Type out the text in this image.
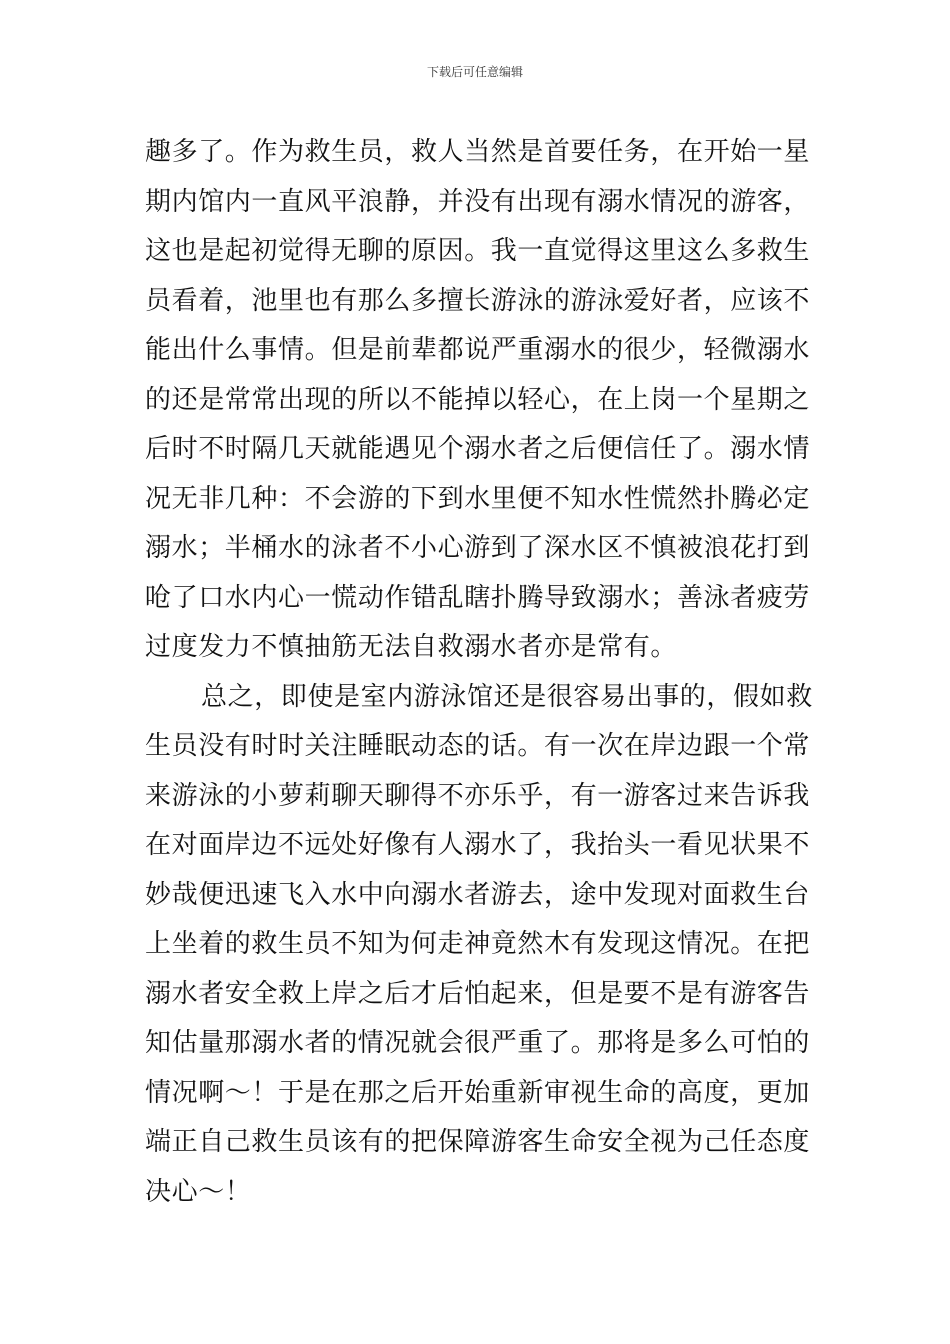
下载后可任意编辑
趣多了。作为救生员，救人当然是首要任务，在开始一星
期内馆内一直风平浪静，并没有出现有溺水情况的游客，
这也是起初觉得无聊的原因。我一直觉得这里这么多救生
员看着，池里也有那么多擅长游泳的游泳爱好者，应该不
能出什么事情。但是前辈都说严重溺水的很少，轻微溺水
的还是常常出现的所以不能掉以轻心，在上岗一个星期之
后时不时隔几天就能遇见个溺水者之后便信任了。溺水情
况无非几种：不会游的下到水里便不知水性慌然扑腾必定
溺水；半桶水的泳者不小心游到了深水区不慎被浪花打到
呛了口水内心一慌动作错乱瞎扑腾导致溺水；善泳者疲劳
过度发力不慎抽筋无法自救溺水者亦是常有。
总之，即使是室内游泳馆还是很容易出事的，假如救
生员没有时时关注睡眠动态的话。有一次在岸边跟一个常
来游泳的小萝莉聊天聊得不亦乐乎，有一游客过来告诉我
在对面岸边不远处好像有人溺水了，我抬头一看见状果不
妙哉便迅速飞入水中向溺水者游去，途中发现对面救生台
上坐着的救生员不知为何走神竟然木有发现这情况。在把
溺水者安全救上岸之后才后怕起来，但是要不是有游客告
知估量那溺水者的情况就会很严重了。那将是多么可怕的
情况啊～！于是在那之后开始重新审视生命的高度，更加
端正自己救生员该有的把保障游客生命安全视为己任态度
决心～！
